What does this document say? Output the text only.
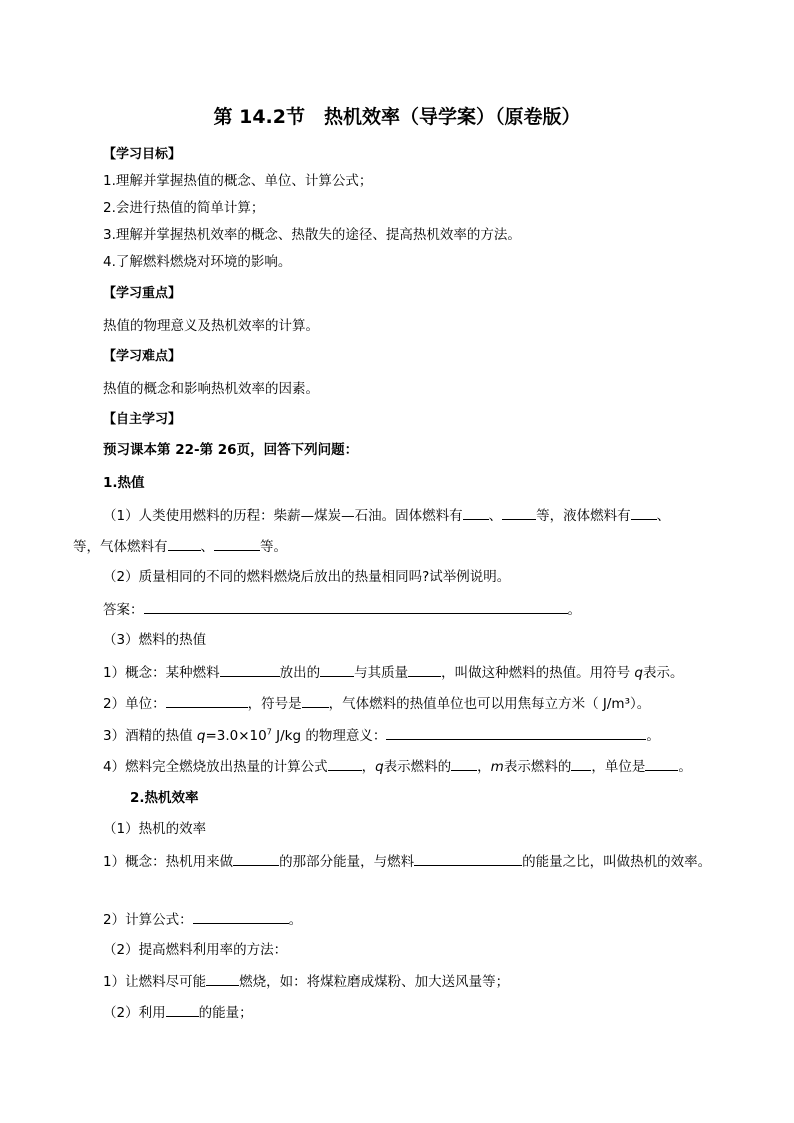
第 14.2节　热机效率（导学案）（原卷版）
【学习目标】
1.理解并掌握热值的概念、单位、计算公式；
2.会进行热值的简单计算；
3.理解并掌握热机效率的概念、热散失的途径、提高热机效率的方法。
4.了解燃料燃烧对环境的影响。
【学习重点】
热值的物理意义及热机效率的计算。
【学习难点】
热值的概念和影响热机效率的因素。
【自主学习】
预习课本第 22-第 26页，回答下列问题：
1.热值
（1）人类使用燃料的历程：柴薪—煤炭—石油。固体燃料有 、	等，液体燃料有 、
等，气体燃料有 、	等。
（2）质量相同的不同的燃料燃烧后放出的热量相同吗?试举例说明。
答案：	。
（3）燃料的热值
1）概念：某种燃料	放出的	与其质量 ，叫做这种燃料的热值。用符号 q表示。
2）单位：	，符号是 ，气体燃料的热值单位也可以用焦每立方米（ J/m³）。
3）酒精的热值 $q=3.0\times 10^7$ J/kg 的物理意义：	。
4）燃料完全燃烧放出热量的计算公式	，q表示燃料的 ，m表示燃料的 ，单位是 。
2.热机效率
（1）热机的效率
1）概念：热机用来做	的那部分能量，与燃料	的能量之比，叫做热机的效率。
2）计算公式：	。
（2）提高燃料利用率的方法：
1）让燃料尽可能 燃烧，如：将煤粒磨成煤粉、加大送风量等；
（2）利用 的能量；
